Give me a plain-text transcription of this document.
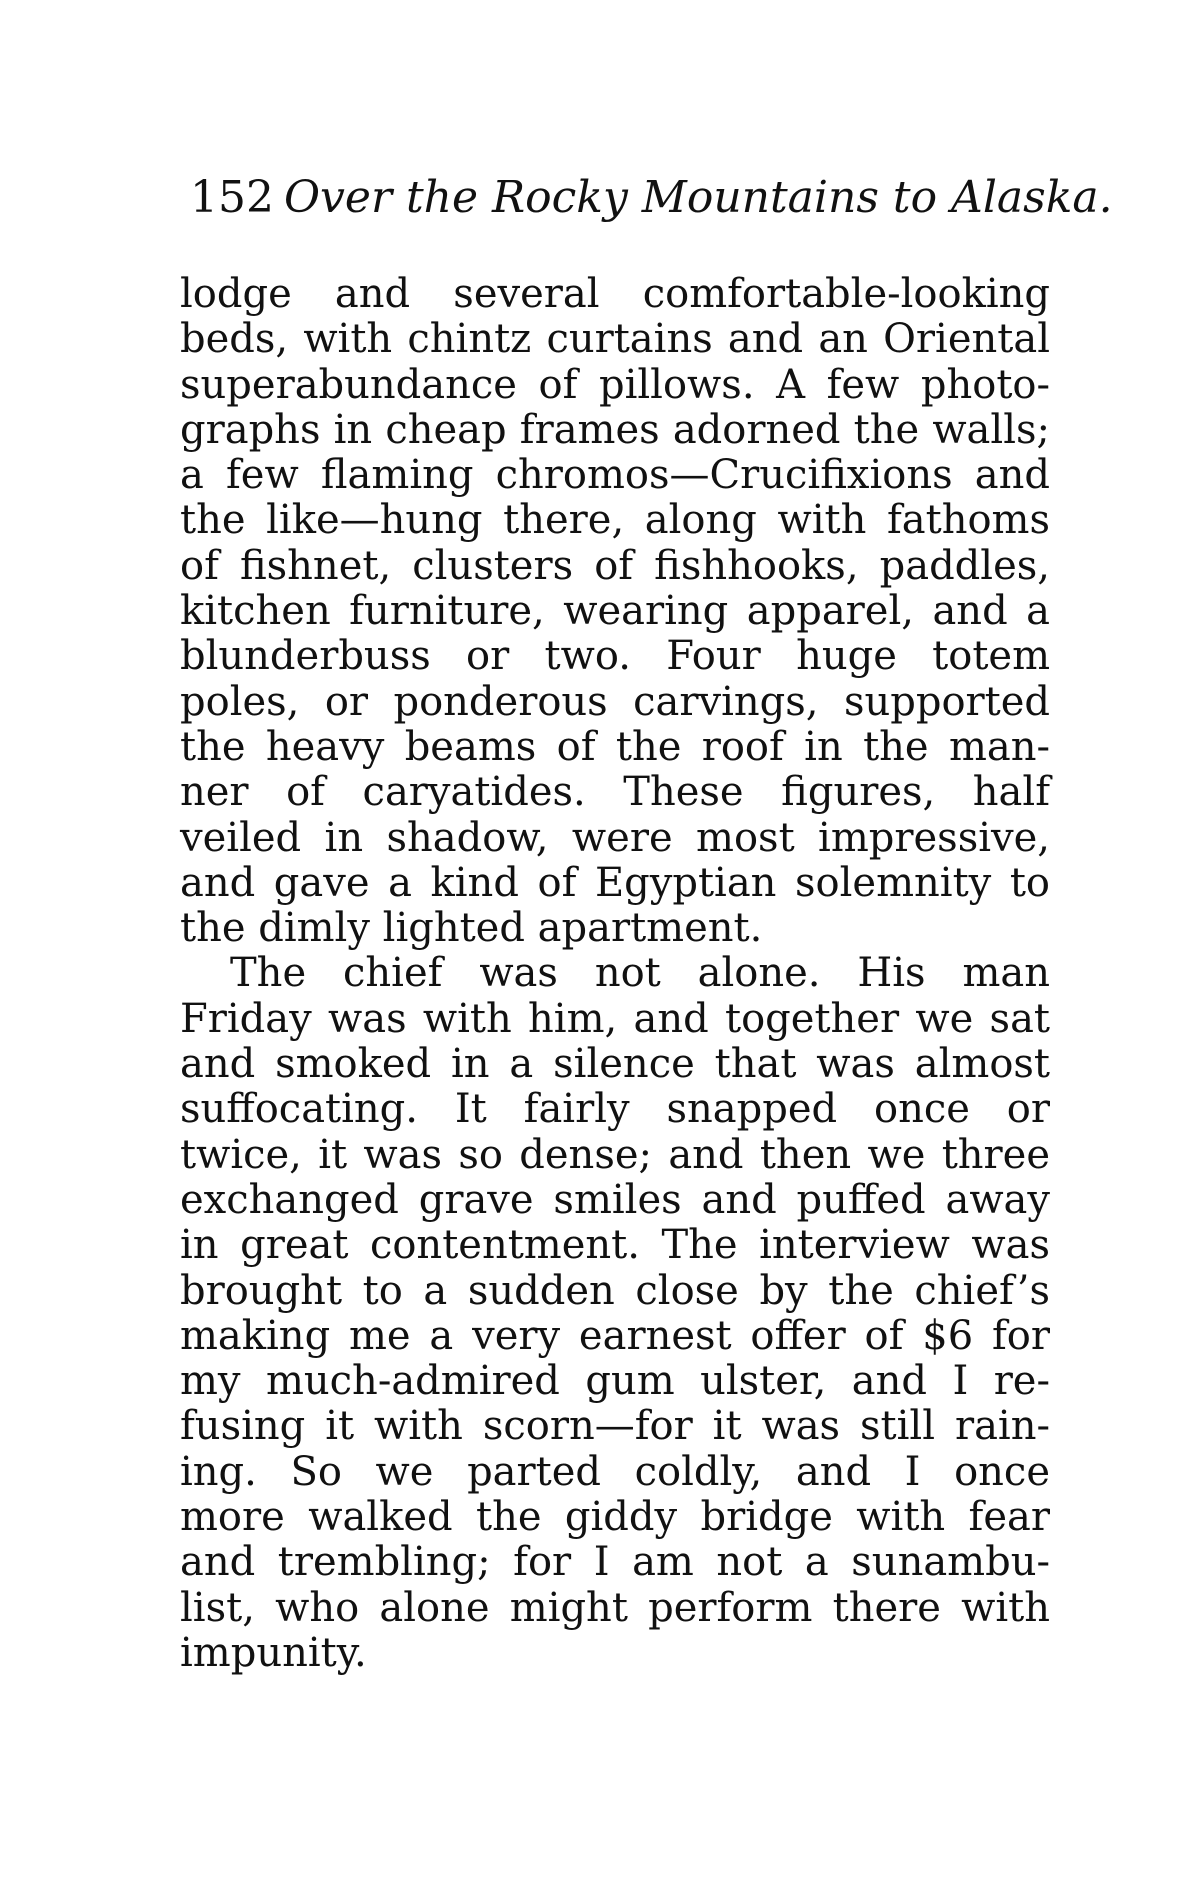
152 Over the Rocky Mountains to Alaska.
lodge and several comfortable-looking
beds, with chintz curtains and an Oriental
superabundance of pillows. A few photo-
graphs in cheap frames adorned the walls;
a few flaming chromos—Crucifixions and
the like—hung there, along with fathoms
of fishnet, clusters of fishhooks, paddles,
kitchen furniture, wearing apparel, and a
blunderbuss or two. Four huge totem
poles, or ponderous carvings, supported
the heavy beams of the roof in the man-
ner of caryatides. These figures, half
veiled in shadow, were most impressive,
and gave a kind of Egyptian solemnity to
the dimly lighted apartment.
The chief was not alone. His man
Friday was with him, and together we sat
and smoked in a silence that was almost
suffocating. It fairly snapped once or
twice, it was so dense; and then we three
exchanged grave smiles and puffed away
in great contentment. The interview was
brought to a sudden close by the chief’s
making me a very earnest offer of $6 for
my much-admired gum ulster, and I re-
fusing it with scorn—for it was still rain-
ing. So we parted coldly, and I once
more walked the giddy bridge with fear
and trembling; for I am not a sunambu-
list, who alone might perform there with
impunity.
